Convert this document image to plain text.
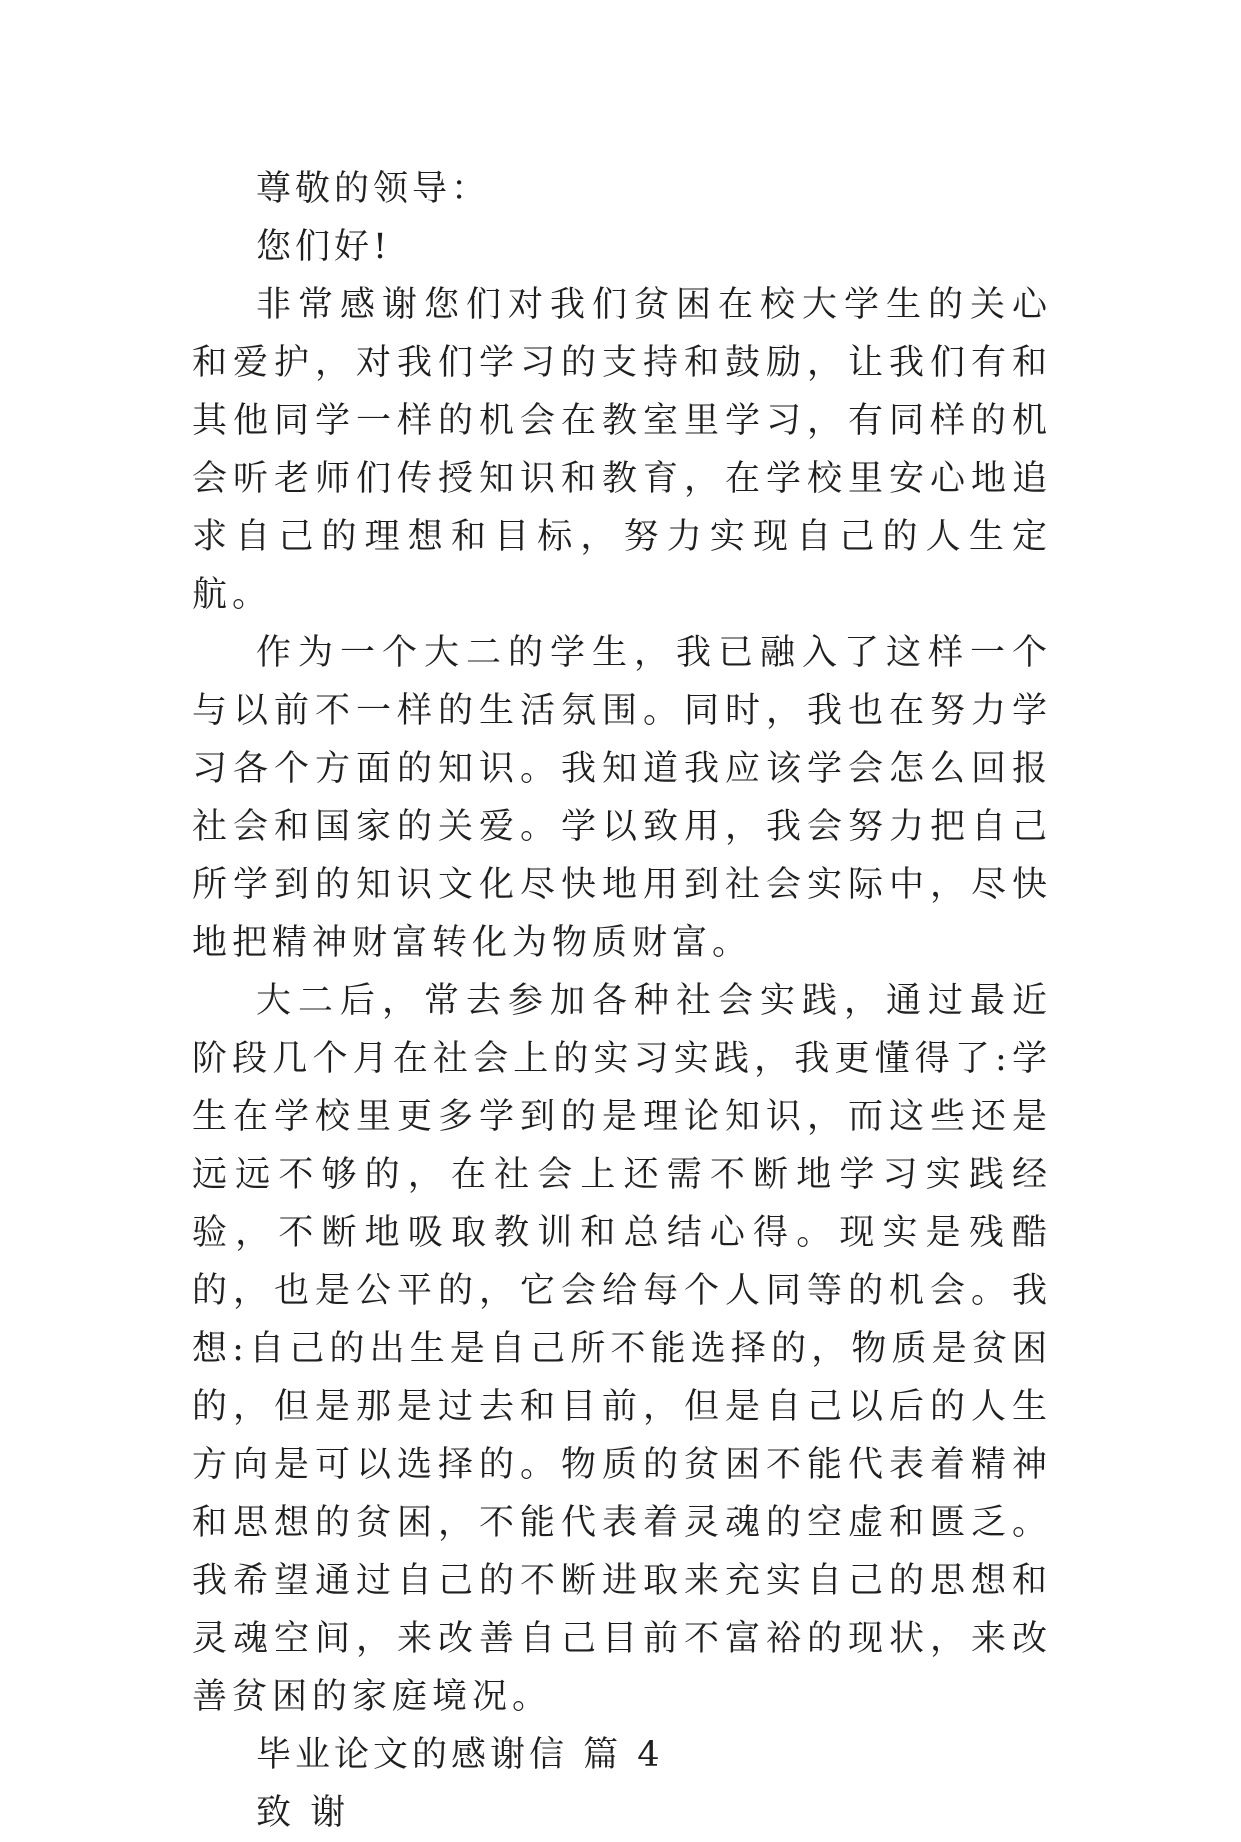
尊敬的领导：

您们好!

非常感谢您们对我们贫困在校大学生的关心和爱护，对我们学习的支持和鼓励，让我们有和其他同学一样的机会在教室里学习，有同样的机会听老师们传授知识和教育，在学校里安心地追求自己的理想和目标，努力实现自己的人生定航。

作为一个大二的学生，我已融入了这样一个与以前不一样的生活氛围。同时，我也在努力学习各个方面的知识。我知道我应该学会怎么回报社会和国家的关爱。学以致用，我会努力把自己所学到的知识文化尽快地用到社会实际中，尽快地把精神财富转化为物质财富。

大二后，常去参加各种社会实践，通过最近阶段几个月在社会上的实习实践，我更懂得了:学生在学校里更多学到的是理论知识，而这些还是远远不够的，在社会上还需不断地学习实践经验，不断地吸取教训和总结心得。现实是残酷的，也是公平的，它会给每个人同等的机会。我想:自己的出生是自己所不能选择的，物质是贫困的，但是那是过去和目前，但是自己以后的人生方向是可以选择的。物质的贫困不能代表着精神和思想的贫困，不能代表着灵魂的空虚和匮乏。我希望通过自己的不断进取来充实自己的思想和灵魂空间，来改善自己目前不富裕的现状，来改善贫困的家庭境况。

毕业论文的感谢信 篇 4

致 谢
